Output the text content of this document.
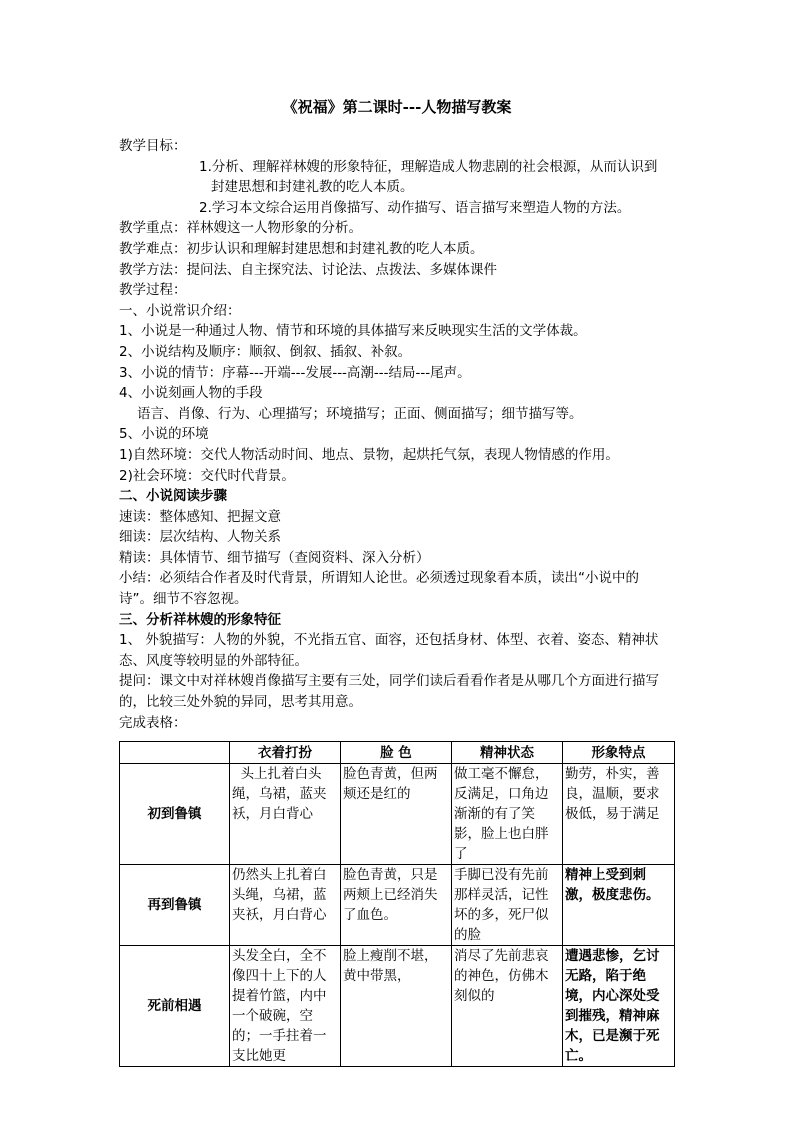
《祝福》第二课时---人物描写教案

教学目标：

1.分析、理解祥林嫂的形象特征，理解造成人物悲剧的社会根源，从而认识到

封建思想和封建礼教的吃人本质。

2.学习本文综合运用肖像描写、动作描写、语言描写来塑造人物的方法。

教学重点：祥林嫂这一人物形象的分析。

教学难点：初步认识和理解封建思想和封建礼教的吃人本质。

教学方法：提问法、自主探究法、讨论法、点拨法、多媒体课件

教学过程：

一、小说常识介绍：

1、小说是一种通过人物、情节和环境的具体描写来反映现实生活的文学体裁。

2、小说结构及顺序：顺叙、倒叙、插叙、补叙。

3、小说的情节：序幕---开端---发展---高潮---结局---尾声。

4、小说刻画人物的手段

语言、肖像、行为、心理描写；环境描写；正面、侧面描写；细节描写等。

5、小说的环境

1)自然环境：交代人物活动时间、地点、景物，起烘托气氛，表现人物情感的作用。

2)社会环境：交代时代背景。

二、小说阅读步骤

速读：整体感知、把握文意

细读：层次结构、人物关系

精读：具体情节、细节描写（查阅资料、深入分析）

小结：必须结合作者及时代背景，所谓知人论世。必须透过现象看本质，读出“小说中的

诗”。细节不容忽视。

三、分析祥林嫂的形象特征

1、 外貌描写：人物的外貌，不光指五官、面容，还包括身材、体型、衣着、姿态、精神状

态、风度等较明显的外部特征。

提问：课文中对祥林嫂肖像描写主要有三处，同学们读后看看作者是从哪几个方面进行描写

的，比较三处外貌的异同，思考其用意。

完成表格：

	衣着打扮	脸 色	精神状态	形象特点
初到鲁镇	头上扎着白头绳，乌裙，蓝夹袄，月白背心	脸色青黄，但两颊还是红的	做工毫不懈怠，反满足，口角边渐渐的有了笑影，脸上也白胖了	勤劳，朴实，善良，温顺，要求极低，易于满足
再到鲁镇	仍然头上扎着白头绳，乌裙，蓝夹袄，月白背心	脸色青黄，只是两颊上已经消失了血色。	手脚已没有先前那样灵活，记性坏的多，死尸似的脸	精神上受到刺激，极度悲伤。
死前相遇	头发全白，全不像四十上下的人提着竹篮，内中一个破碗，空的；一手拄着一支比她更	脸上瘦削不堪，黄中带黑，	消尽了先前悲哀的神色，仿佛木刻似的	遭遇悲惨，乞讨无路，陷于绝境，内心深处受到摧残，精神麻木，已是濒于死亡。
